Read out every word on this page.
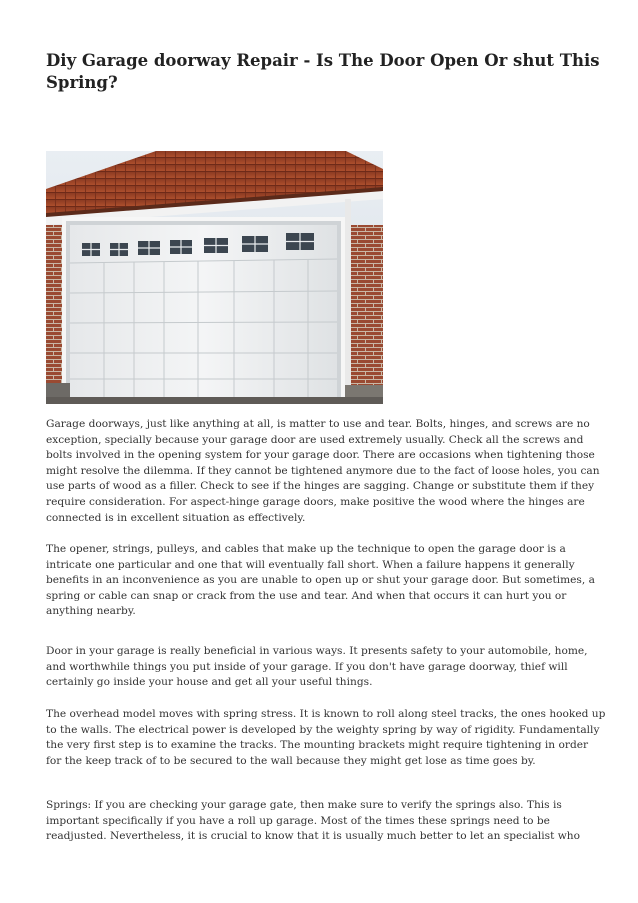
Diy Garage doorway Repair - Is The Door Open Or shut This Spring?

Garage doorways, just like anything at all, is matter to use and tear. Bolts, hinges, and screws are no exception, specially because your garage door are used extremely usually. Check all the screws and bolts involved in the opening system for your garage door. There are occasions when tightening those might resolve the dilemma. If they cannot be tightened anymore due to the fact of loose holes, you can use parts of wood as a filler. Check to see if the hinges are sagging. Change or substitute them if they require consideration. For aspect-hinge garage doors, make positive the wood where the hinges are connected is in excellent situation as effectively.

The opener, strings, pulleys, and cables that make up the technique to open the garage door is a intricate one particular and one that will eventually fall short. When a failure happens it generally benefits in an inconvenience as you are unable to open up or shut your garage door. But sometimes, a spring or cable can snap or crack from the use and tear. And when that occurs it can hurt you or anything nearby.

Door in your garage is really beneficial in various ways. It presents safety to your automobile, home, and worthwhile things you put inside of your garage. If you don't have garage doorway, thief will certainly go inside your house and get all your useful things.

The overhead model moves with spring stress. It is known to roll along steel tracks, the ones hooked up to the walls. The electrical power is developed by the weighty spring by way of rigidity. Fundamentally the very first step is to examine the tracks. The mounting brackets might require tightening in order for the keep track of to be secured to the wall because they might get lose as time goes by.

Springs: If you are checking your garage gate, then make sure to verify the springs also. This is important specifically if you have a roll up garage. Most of the times these springs need to be readjusted. Nevertheless, it is crucial to know that it is usually much better to let an specialist who
